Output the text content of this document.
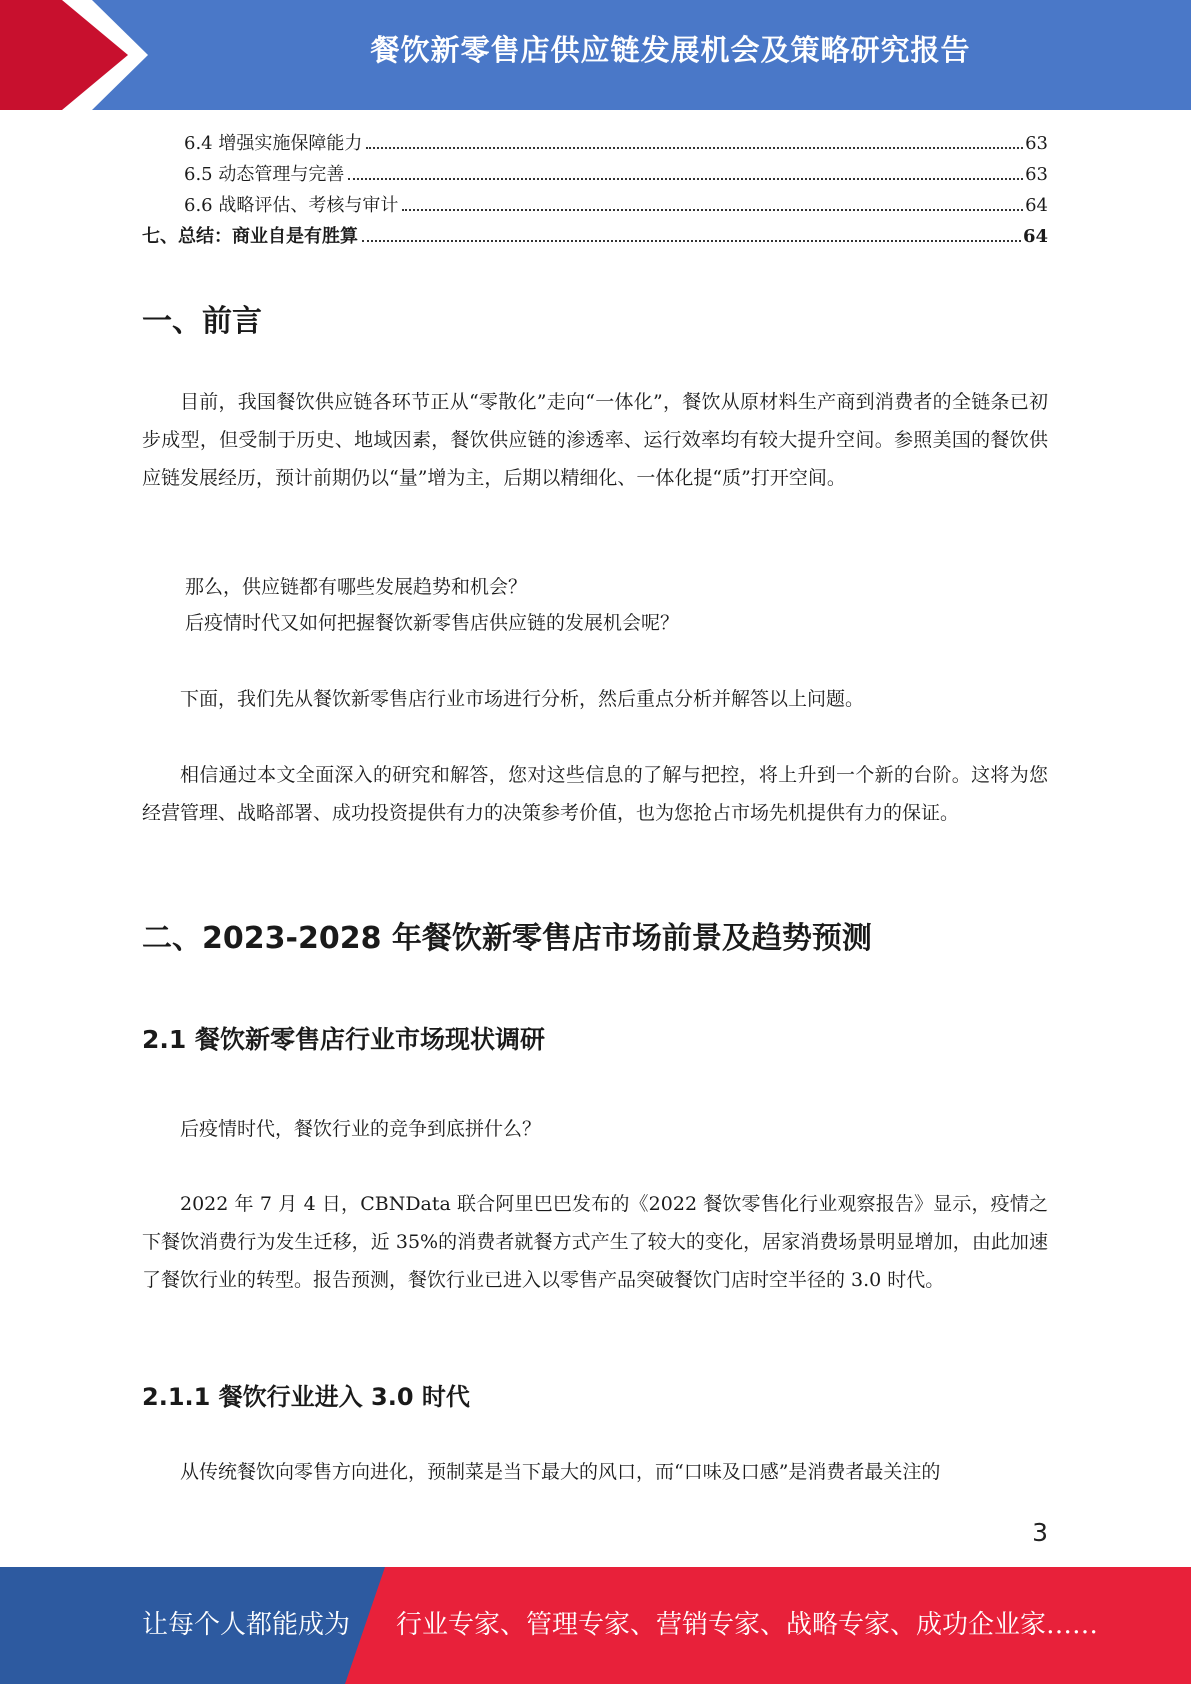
餐饮新零售店供应链发展机会及策略研究报告
6.4 增强实施保障能力	63
6.5 动态管理与完善	63
6.6 战略评估、考核与审计	64
七、总结：商业自是有胜算	64
一、前言

目前，我国餐饮供应链各环节正从“零散化”走向“一体化”，餐饮从原材料生产商到消费者的全链条已初步成型，但受制于历史、地域因素，餐饮供应链的渗透率、运行效率均有较大提升空间。参照美国的餐饮供应链发展经历，预计前期仍以“量”增为主，后期以精细化、一体化提“质”打开空间。

那么，供应链都有哪些发展趋势和机会？

后疫情时代又如何把握餐饮新零售店供应链的发展机会呢？

下面，我们先从餐饮新零售店行业市场进行分析，然后重点分析并解答以上问题。

相信通过本文全面深入的研究和解答，您对这些信息的了解与把控，将上升到一个新的台阶。这将为您经营管理、战略部署、成功投资提供有力的决策参考价值，也为您抢占市场先机提供有力的保证。

二、2023-2028 年餐饮新零售店市场前景及趋势预测
2.1 餐饮新零售店行业市场现状调研

后疫情时代，餐饮行业的竞争到底拼什么？

2022 年 7 月 4 日，CBNData 联合阿里巴巴发布的《2022 餐饮零售化行业观察报告》显示，疫情之下餐饮消费行为发生迁移，近 35%的消费者就餐方式产生了较大的变化，居家消费场景明显增加，由此加速了餐饮行业的转型。报告预测，餐饮行业已进入以零售产品突破餐饮门店时空半径的 3.0 时代。

2.1.1 餐饮行业进入 3.0 时代

从传统餐饮向零售方向进化，预制菜是当下最大的风口，而“口味及口感”是消费者最关注的

3
让每个人都能成为 行业专家、管理专家、营销专家、战略专家、成功企业家……
